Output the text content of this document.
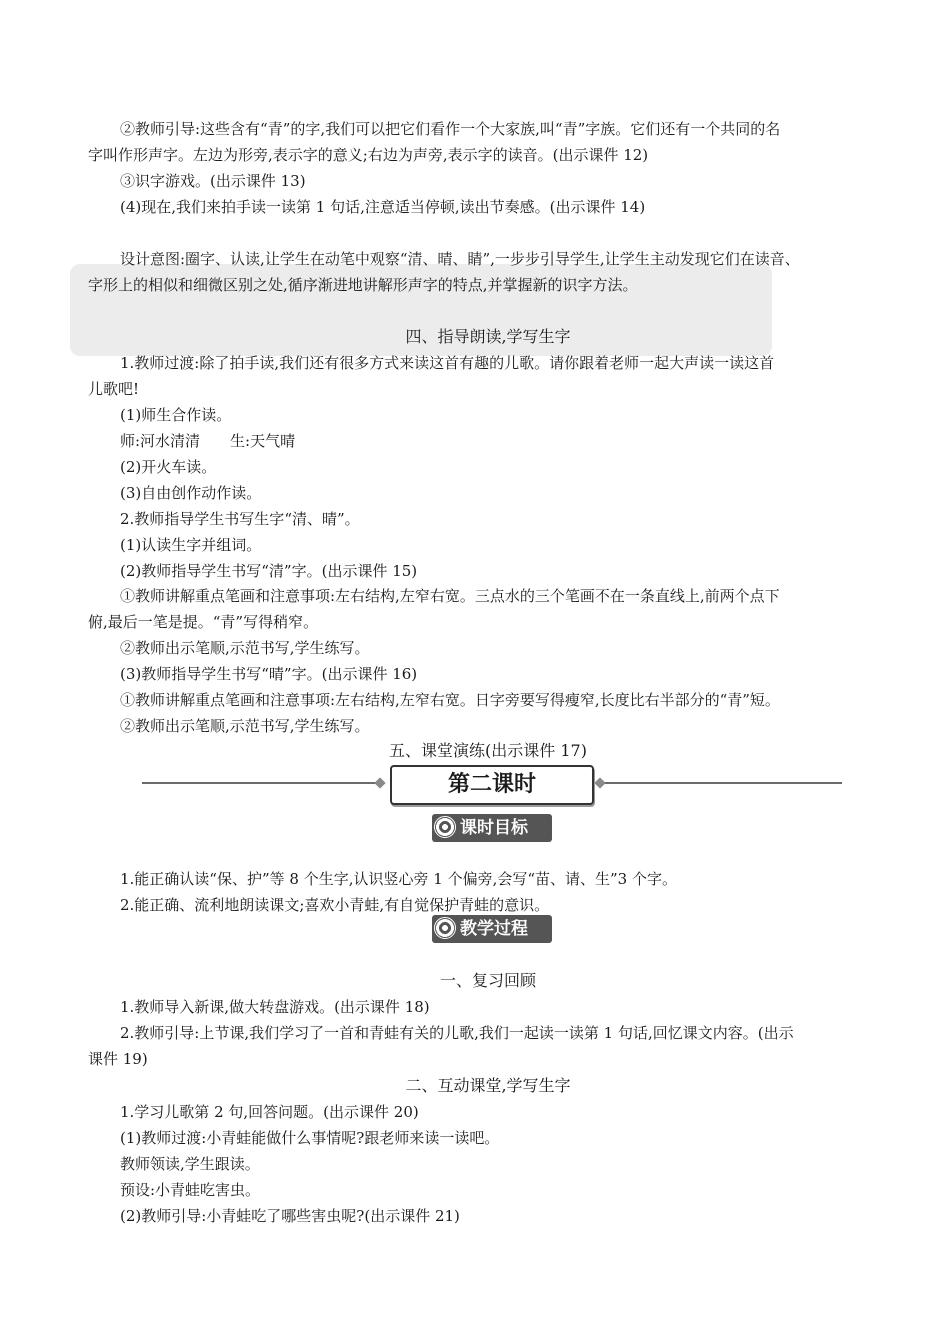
②教师引导:这些含有“青”的字,我们可以把它们看作一个大家族,叫“青”字族。它们还有一个共同的名
字叫作形声字。左边为形旁,表示字的意义;右边为声旁,表示字的读音。(出示课件 12)
③识字游戏。(出示课件 13)
(4)现在,我们来拍手读一读第 1 句话,注意适当停顿,读出节奏感。(出示课件 14)
设计意图:圈字、认读,让学生在动笔中观察“清、晴、睛”,一步步引导学生,让学生主动发现它们在读音、
字形上的相似和细微区别之处,循序渐进地讲解形声字的特点,并掌握新的识字方法。
四、指导朗读,学写生字
1.教师过渡:除了拍手读,我们还有很多方式来读这首有趣的儿歌。请你跟着老师一起大声读一读这首
儿歌吧!
(1)师生合作读。
师:河水清清　　生:天气晴
(2)开火车读。
(3)自由创作动作读。
2.教师指导学生书写生字“清、晴”。
(1)认读生字并组词。
(2)教师指导学生书写“清”字。(出示课件 15)
①教师讲解重点笔画和注意事项:左右结构,左窄右宽。三点水的三个笔画不在一条直线上,前两个点下
俯,最后一笔是提。“青”写得稍窄。
②教师出示笔顺,示范书写,学生练写。
(3)教师指导学生书写“晴”字。(出示课件 16)
①教师讲解重点笔画和注意事项:左右结构,左窄右宽。日字旁要写得瘦窄,长度比右半部分的“青”短。
②教师出示笔顺,示范书写,学生练写。
五、课堂演练(出示课件 17)
第二课时
课时目标
1.能正确认读“保、护”等 8 个生字,认识竖心旁 1 个偏旁,会写“苗、请、生”3 个字。
2.能正确、流利地朗读课文;喜欢小青蛙,有自觉保护青蛙的意识。
教学过程
一、复习回顾
1.教师导入新课,做大转盘游戏。(出示课件 18)
2.教师引导:上节课,我们学习了一首和青蛙有关的儿歌,我们一起读一读第 1 句话,回忆课文内容。(出示
课件 19)
二、互动课堂,学写生字
1.学习儿歌第 2 句,回答问题。(出示课件 20)
(1)教师过渡:小青蛙能做什么事情呢?跟老师来读一读吧。
教师领读,学生跟读。
预设:小青蛙吃害虫。
(2)教师引导:小青蛙吃了哪些害虫呢?(出示课件 21)
